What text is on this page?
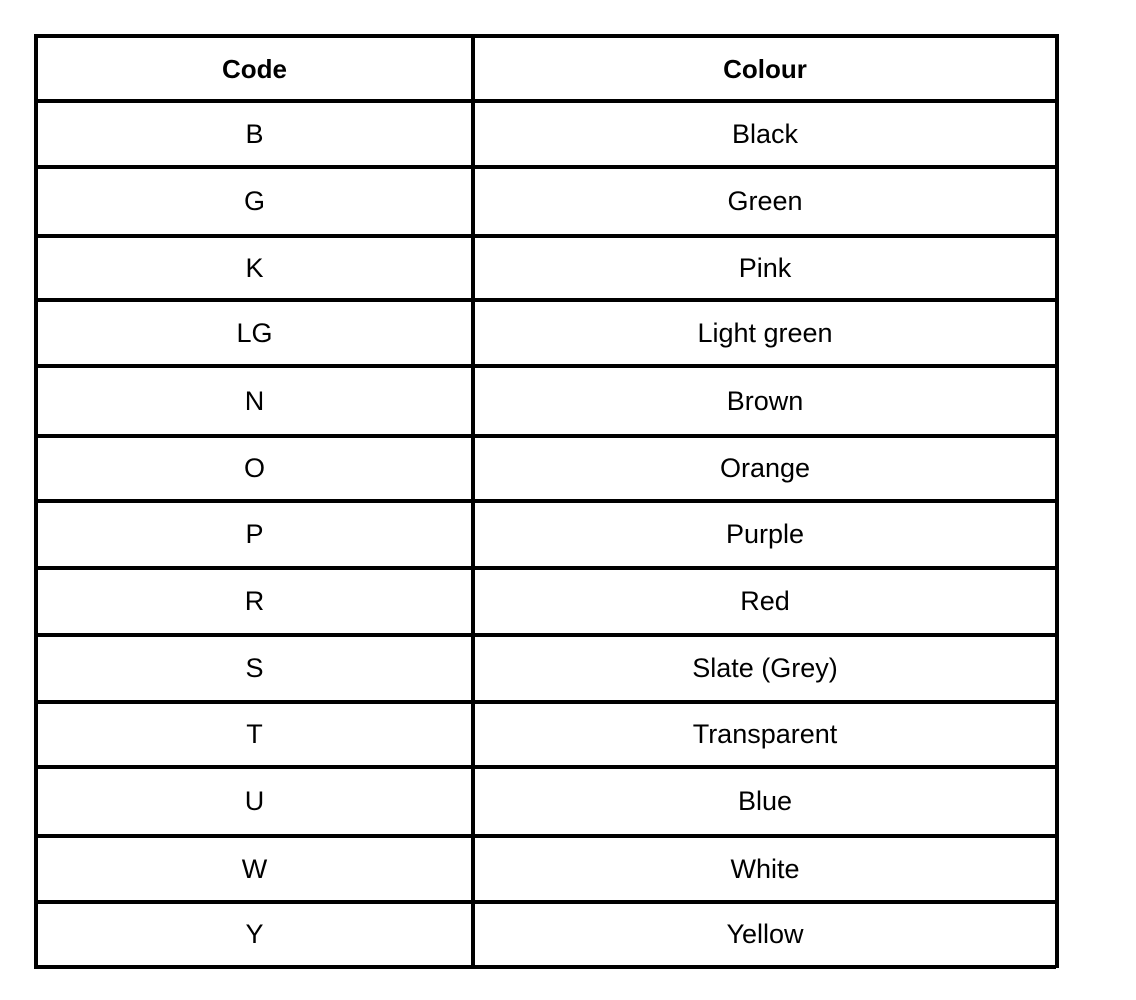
Code	Colour
B	Black
G	Green
K	Pink
LG	Light green
N	Brown
O	Orange
P	Purple
R	Red
S	Slate (Grey)
T	Transparent
U	Blue
W	White
Y	Yellow
